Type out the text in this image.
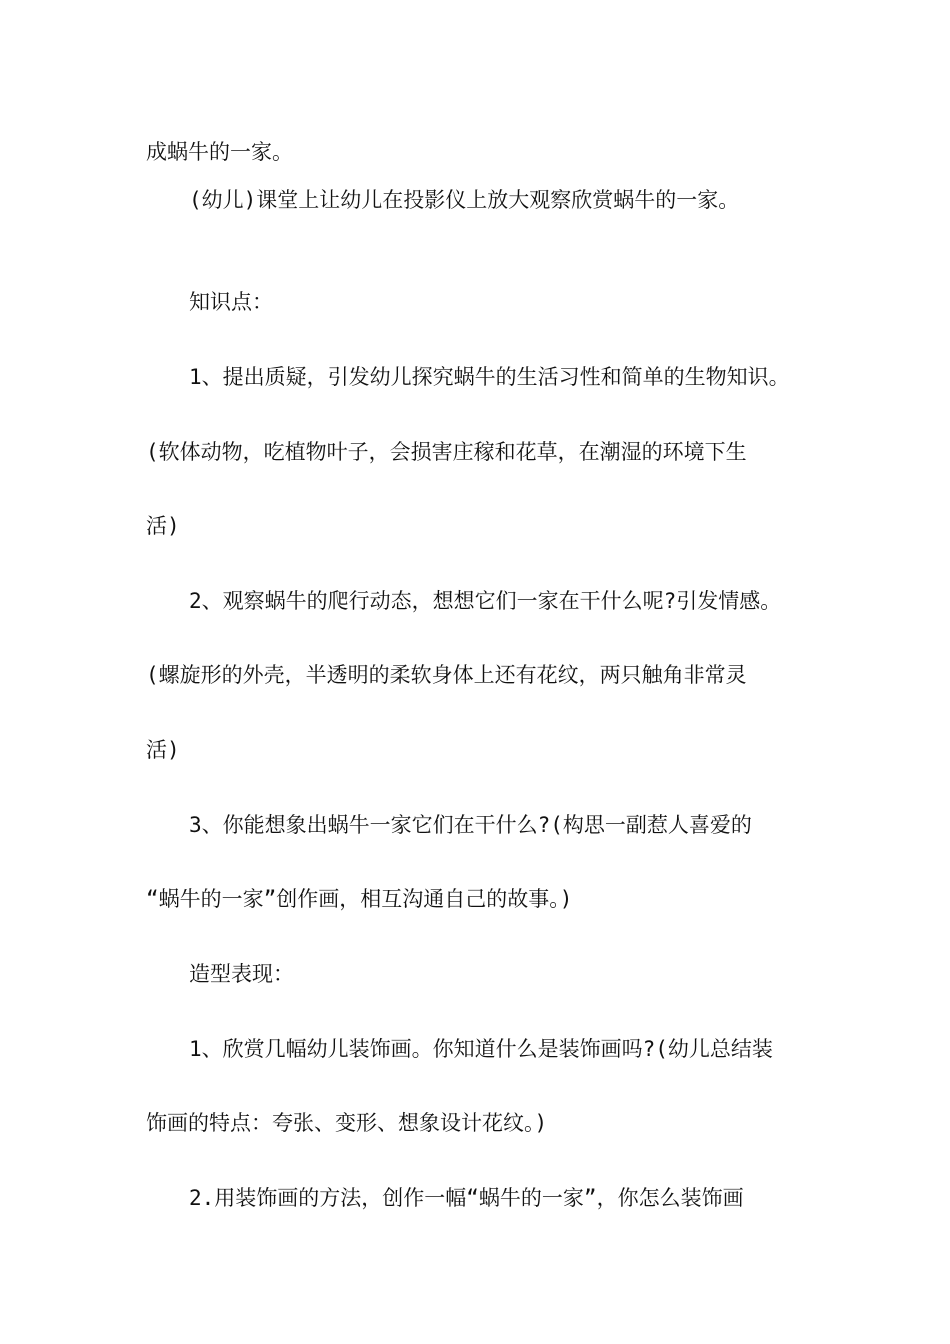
成蜗牛的一家。
(幼儿)课堂上让幼儿在投影仪上放大观察欣赏蜗牛的一家。
知识点：
1、提出质疑，引发幼儿探究蜗牛的生活习性和简单的生物知识。
(软体动物，吃植物叶子，会损害庄稼和花草，在潮湿的环境下生
活)
2、观察蜗牛的爬行动态，想想它们一家在干什么呢?引发情感。
(螺旋形的外壳，半透明的柔软身体上还有花纹，两只触角非常灵
活)
3、你能想象出蜗牛一家它们在干什么?(构思一副惹人喜爱的
“蜗牛的一家”创作画，相互沟通自己的故事。)
造型表现：
1、欣赏几幅幼儿装饰画。你知道什么是装饰画吗?(幼儿总结装
饰画的特点：夸张、变形、想象设计花纹。)
2.用装饰画的方法，创作一幅“蜗牛的一家”，你怎么装饰画
